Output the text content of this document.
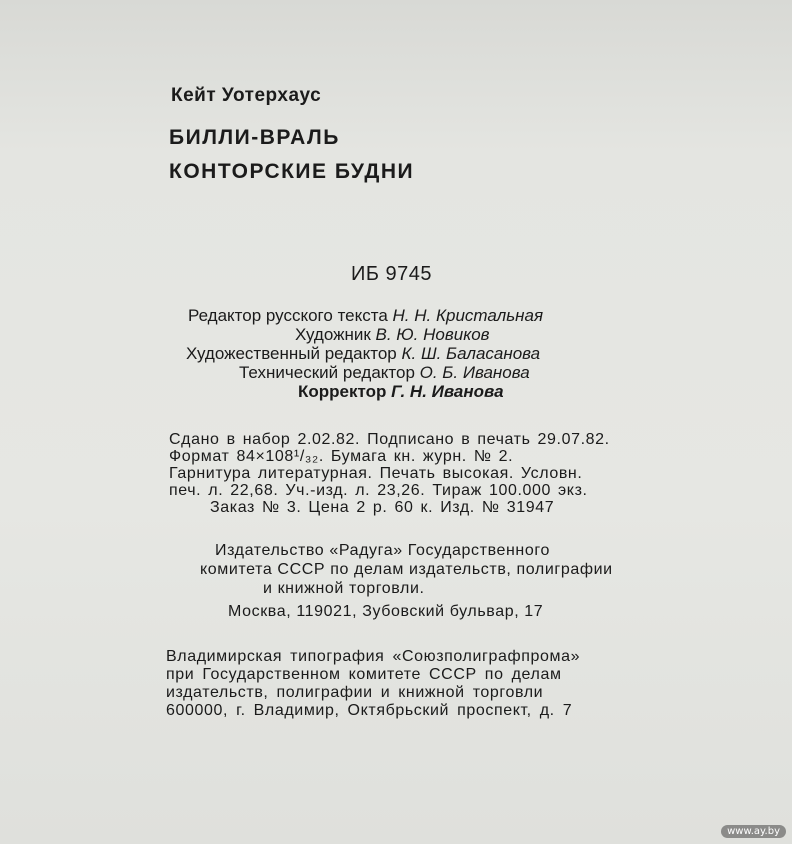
Кейт Уотерхаус
БИЛЛИ-ВРАЛЬ
КОНТОРСКИЕ БУДНИ
ИБ 9745
Редактор русского текста Н. Н. Кристальная
Художник В. Ю. Новиков
Художественный редактор К. Ш. Баласанова
Технический редактор О. Б. Иванова
Корректор Г. Н. Иванова
Сдано в набор 2.02.82. Подписано в печать 29.07.82.
Формат 84×108¹/₃₂. Бумага кн. журн. № 2.
Гарнитура литературная. Печать высокая. Условн.
печ. л. 22,68. Уч.-изд. л. 23,26. Тираж 100.000 экз.
Заказ № 3. Цена 2 р. 60 к. Изд. № 31947
Издательство «Радуга» Государственного
комитета СССР по делам издательств, полиграфии
и книжной торговли.
Москва, 119021, Зубовский бульвар, 17
Владимирская типография «Союзполиграфпрома»
при Государственном комитете СССР по делам
издательств, полиграфии и книжной торговли
600000, г. Владимир, Октябрьский проспект, д. 7
www.ay.by
